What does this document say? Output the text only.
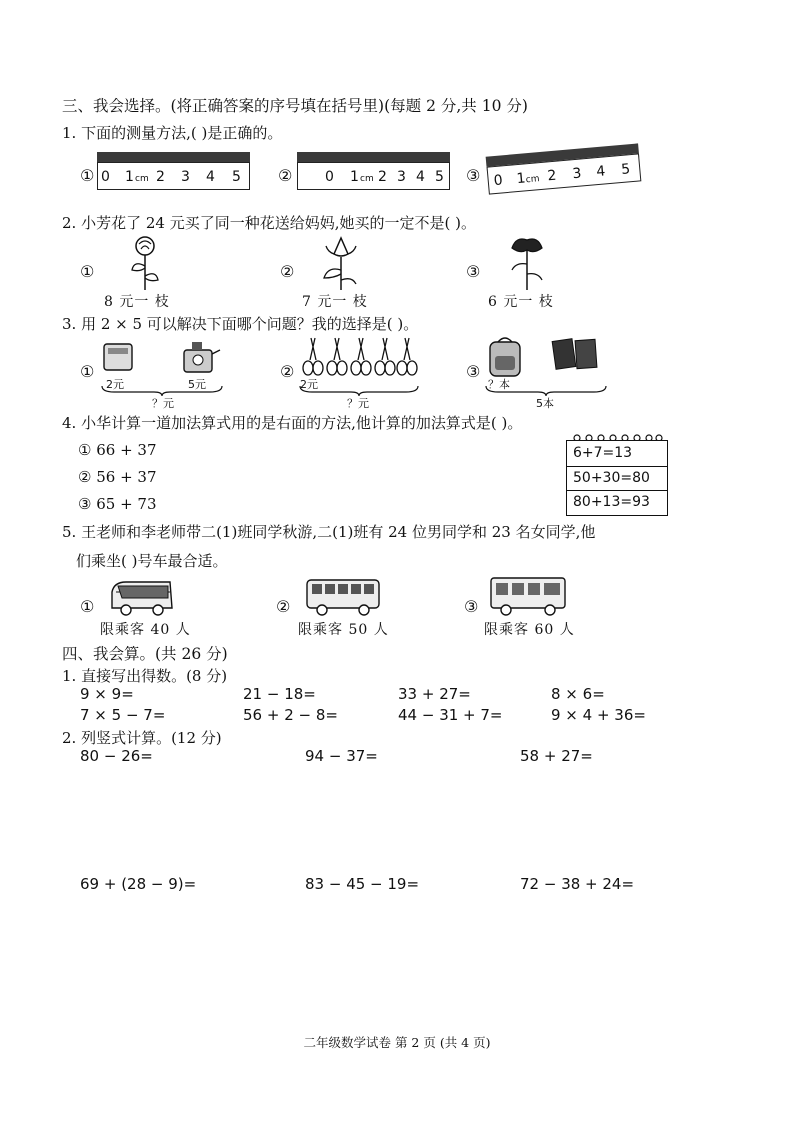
三、我会选择。(将正确答案的序号填在括号里)(每题 2 分,共 10 分)
1. 下面的测量方法,( )是正确的。
① 0 1 cm 2 3 4 5 ② 0 1 cm 2 3 4 5 ③ 0 1 cm 2 3 4 5
2. 小芳花了 24 元买了同一种花送给妈妈,她买的一定不是( )。
①
8 元一 枝
②
7 元一 枝
③
6 元一 枝
3. 用 2 × 5 可以解决下面哪个问题？我的选择是( )。
①
2元	5元
？元
②
2元
？元
③
？本
5本
4. 小华计算一道加法算式用的是右面的方法,他计算的加法算式是( )。
① 66 + 37
② 56 + 37
③ 65 + 73
6+7=13
50+30=80
80+13=93
5. 王老师和李老师带二(1)班同学秋游,二(1)班有 24 位男同学和 23 名女同学,他
们乘坐( )号车最合适。
①
限乘客 40 人
②
限乘客 50 人
③
限乘客 60 人
四、我会算。(共 26 分)
1. 直接写出得数。(8 分)
9 × 9=	21 − 18=	33 + 27=	8 × 6=
7 × 5 − 7=	56 + 2 − 8=	44 − 31 + 7=	9 × 4 + 36=
2. 列竖式计算。(12 分)
80 − 26=	94 − 37=	58 + 27=
69 + (28 − 9)=	83 − 45 − 19=	72 − 38 + 24=
二年级数学试卷 第 2 页 (共 4 页)
